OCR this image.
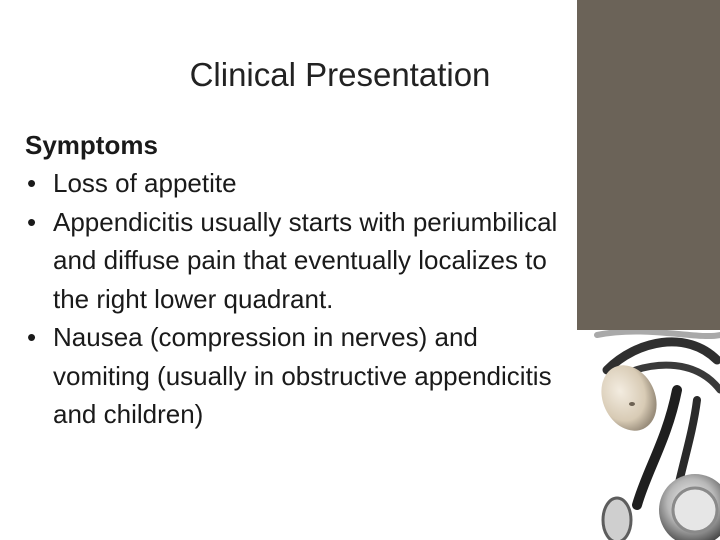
Clinical Presentation

Symptoms

• Loss of appetite
• Appendicitis usually starts with periumbilical and diffuse pain that eventually localizes to the right lower quadrant.
• Nausea (compression in nerves) and vomiting (usually in obstructive appendicitis and children)
